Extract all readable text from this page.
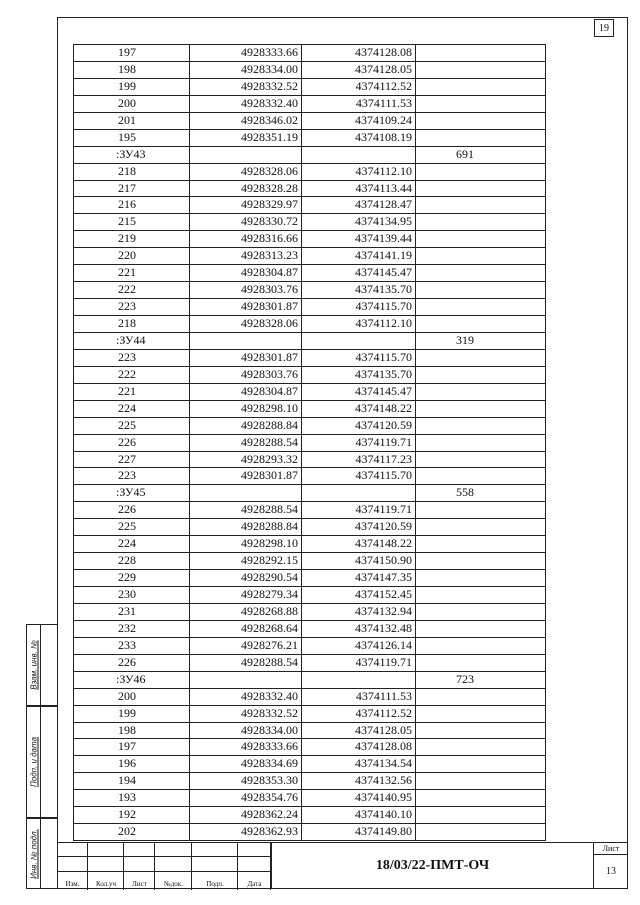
19
197	4928333.66	4374128.08	
198	4928334.00	4374128.05	
199	4928332.52	4374112.52	
200	4928332.40	4374111.53	
201	4928346.02	4374109.24	
195	4928351.19	4374108.19	
:ЗУ43			691
218	4928328.06	4374112.10	
217	4928328.28	4374113.44	
216	4928329.97	4374128.47	
215	4928330.72	4374134.95	
219	4928316.66	4374139.44	
220	4928313.23	4374141.19	
221	4928304.87	4374145.47	
222	4928303.76	4374135.70	
223	4928301.87	4374115.70	
218	4928328.06	4374112.10	
:ЗУ44			319
223	4928301.87	4374115.70	
222	4928303.76	4374135.70	
221	4928304.87	4374145.47	
224	4928298.10	4374148.22	
225	4928288.84	4374120.59	
226	4928288.54	4374119.71	
227	4928293.32	4374117.23	
223	4928301.87	4374115.70	
:ЗУ45			558
226	4928288.54	4374119.71	
225	4928288.84	4374120.59	
224	4928298.10	4374148.22	
228	4928292.15	4374150.90	
229	4928290.54	4374147.35	
230	4928279.34	4374152.45	
231	4928268.88	4374132.94	
232	4928268.64	4374132.48	
233	4928276.21	4374126.14	
226	4928288.54	4374119.71	
:ЗУ46			723
200	4928332.40	4374111.53	
199	4928332.52	4374112.52	
198	4928334.00	4374128.05	
197	4928333.66	4374128.08	
196	4928334.69	4374134.54	
194	4928353.30	4374132.56	
193	4928354.76	4374140.95	
192	4928362.24	4374140.10	
202	4928362.93	4374149.80	
Взам. инв. №
Подп. и дата
Инв. № подл.
Изм.	Кол.уч	Лист	№док.	Подп.	Дата
18/03/22-ПМТ-ОЧ
Лист
13
